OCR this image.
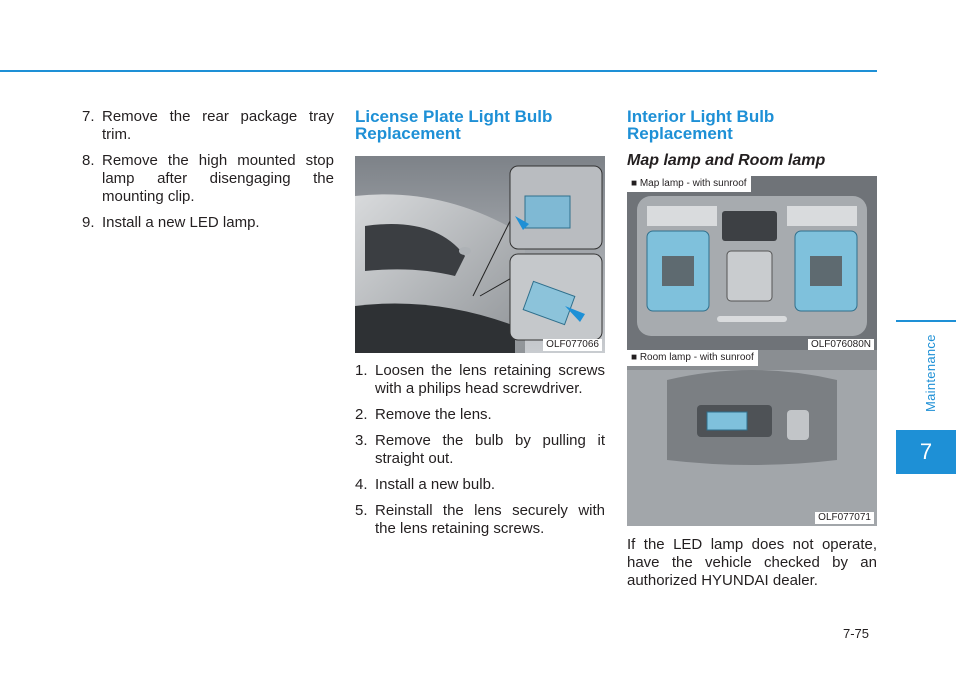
Maintenance
7
7. Remove the rear package tray trim.
8. Remove the high mounted stop lamp after disengaging the mounting clip.
9. Install a new LED lamp.
License Plate Light Bulb Replacement
OLF077066
1. Loosen the lens retaining screws with a philips head screwdriver.
2. Remove the lens.
3. Remove the bulb by pulling it straight out.
4. Install a new bulb.
5. Reinstall the lens securely with the lens retaining screws.
Interior Light Bulb Replacement
Map lamp and Room lamp
■ Map lamp - with sunroof
OLF076080N
■ Room lamp - with sunroof
OLF077071
If the LED lamp does not operate, have the vehicle checked by an authorized HYUNDAI dealer.
7-75
